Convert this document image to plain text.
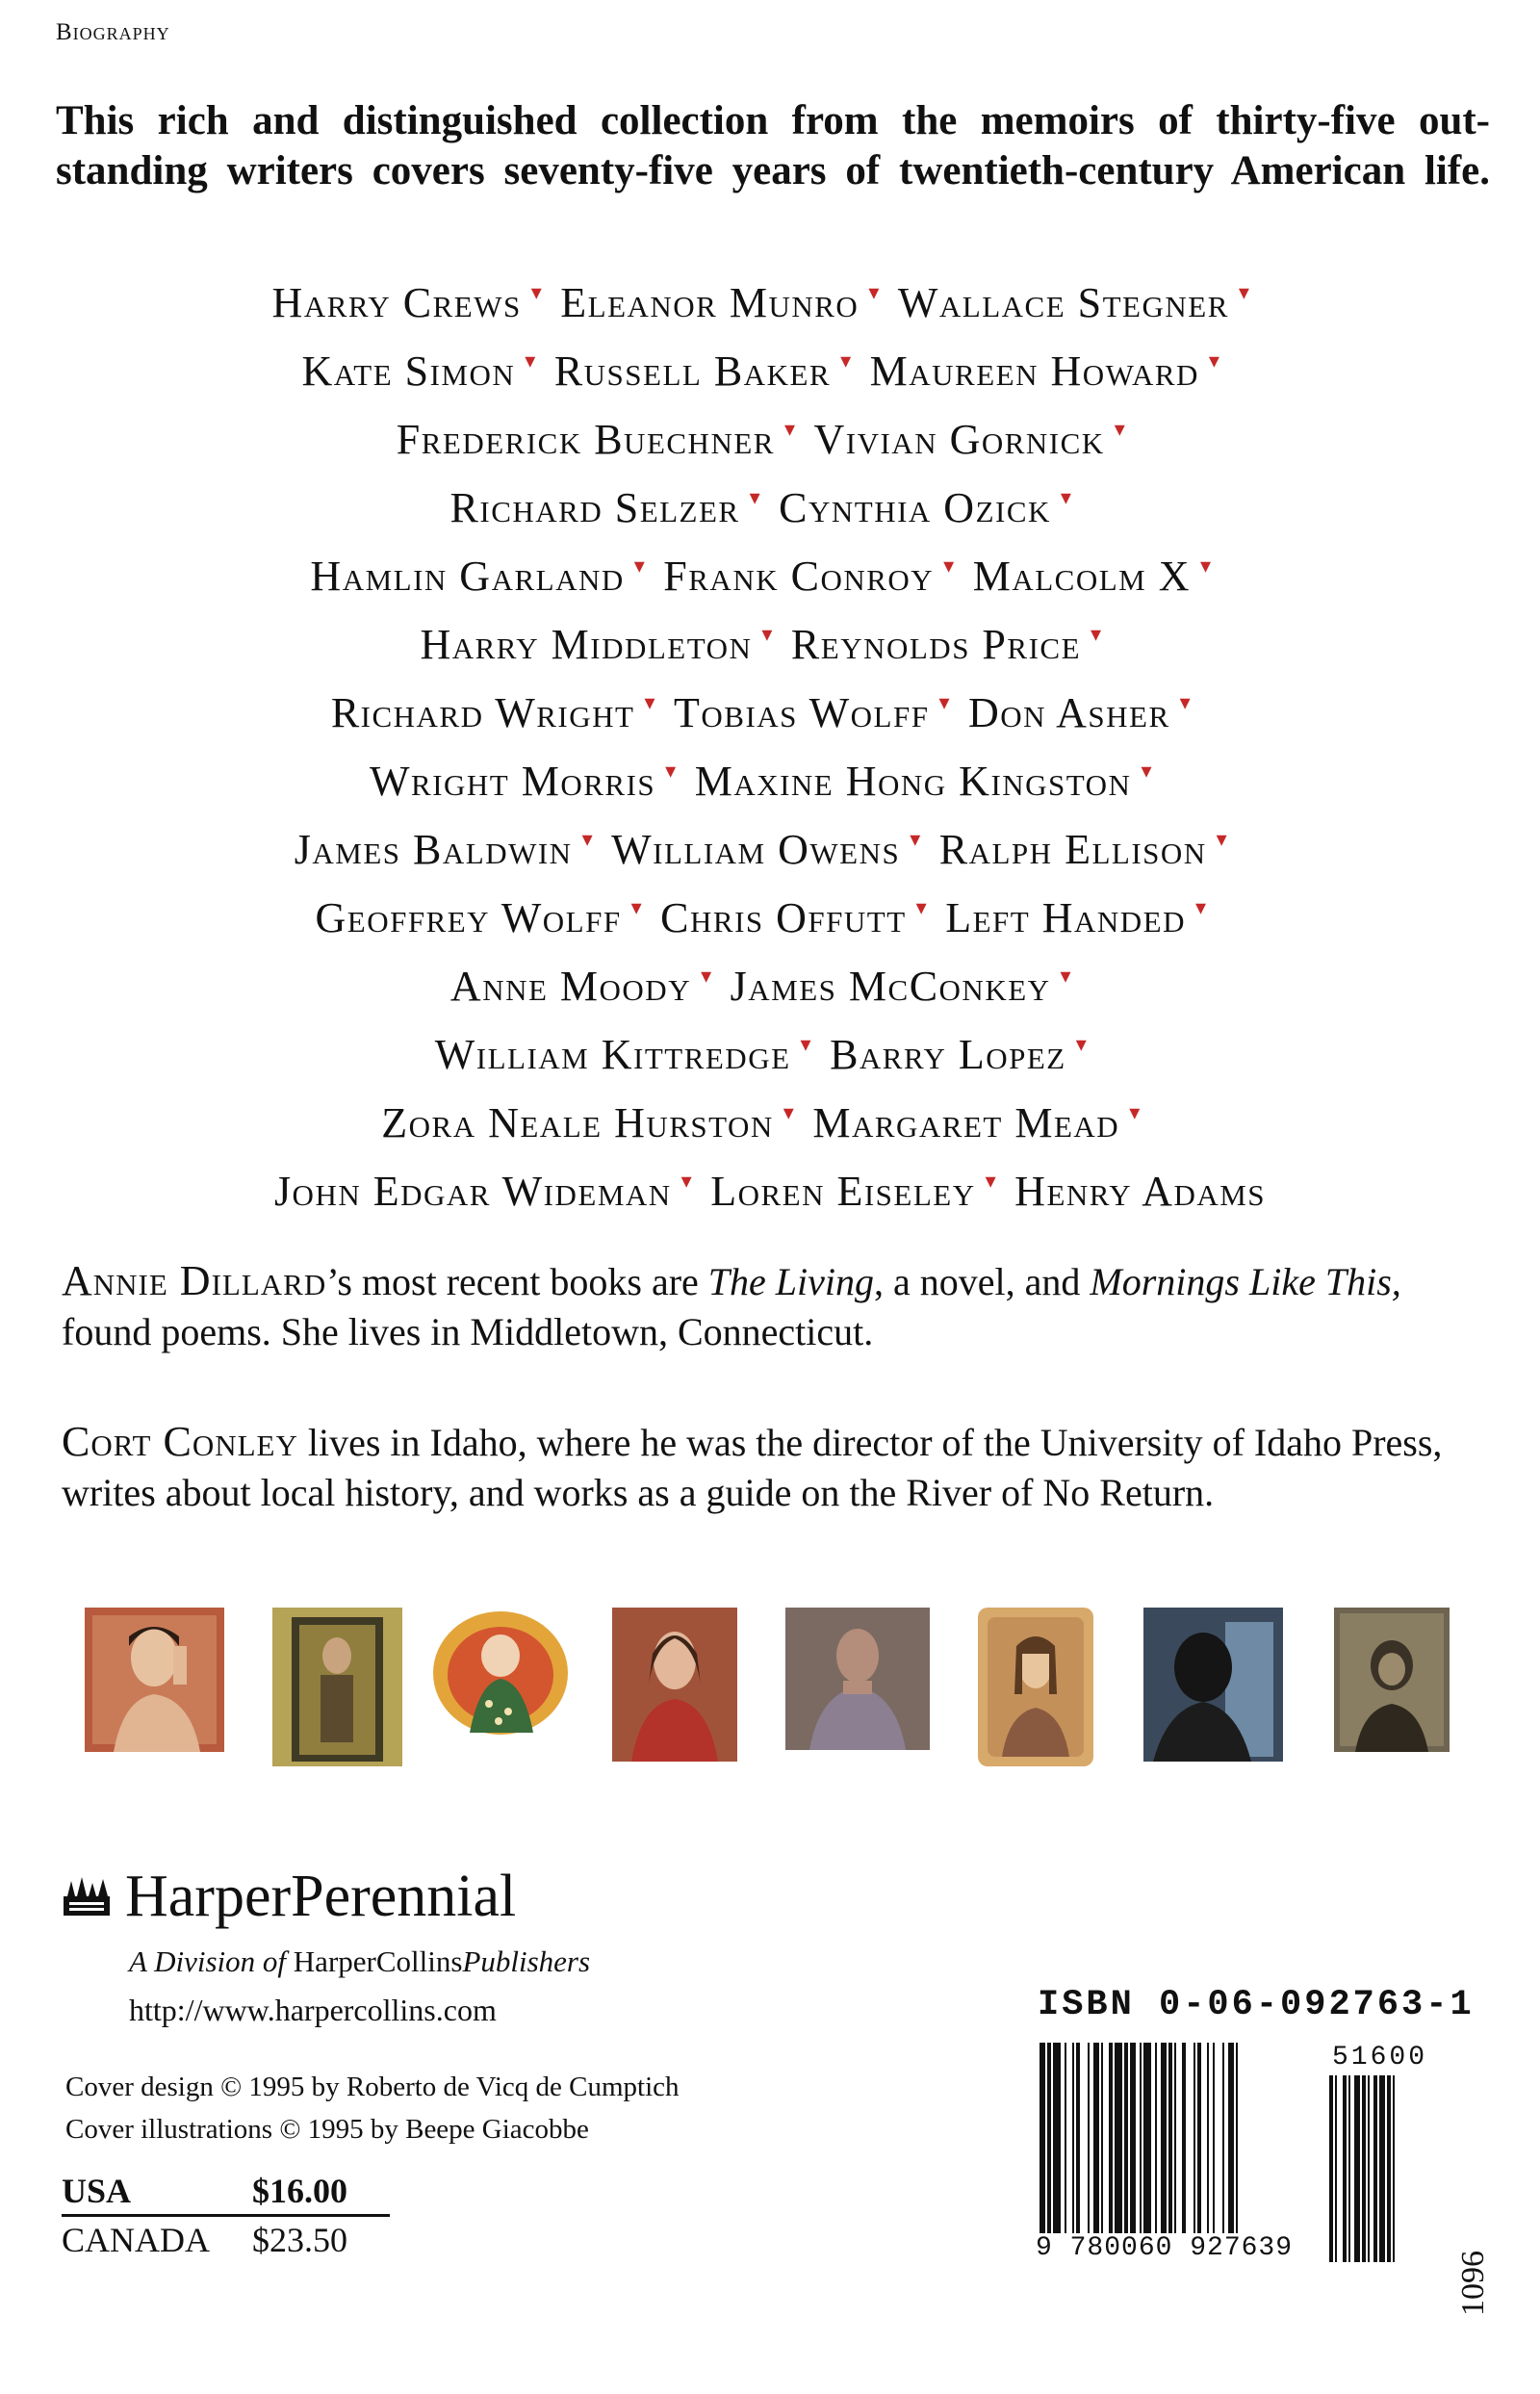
Biography
This rich and distinguished collection from the memoirs of thirty-five out-
standing writers covers seventy-five years of twentieth-century American life.
Harry Crews ▾ Eleanor Munro ▾ Wallace Stegner ▾
Kate Simon ▾ Russell Baker ▾ Maureen Howard ▾
Frederick Buechner ▾ Vivian Gornick ▾
Richard Selzer ▾ Cynthia Ozick ▾
Hamlin Garland ▾ Frank Conroy ▾ Malcolm X ▾
Harry Middleton ▾ Reynolds Price ▾
Richard Wright ▾ Tobias Wolff ▾ Don Asher ▾
Wright Morris ▾ Maxine Hong Kingston ▾
James Baldwin ▾ William Owens ▾ Ralph Ellison ▾
Geoffrey Wolff ▾ Chris Offutt ▾ Left Handed ▾
Anne Moody ▾ James McConkey ▾
William Kittredge ▾ Barry Lopez ▾
Zora Neale Hurston ▾ Margaret Mead ▾
John Edgar Wideman ▾ Loren Eiseley ▾ Henry Adams
Annie Dillard’s most recent books are The Living, a novel, and Mornings Like This, found poems. She lives in Middletown, Connecticut.
Cort Conley lives in Idaho, where he was the director of the University of Idaho Press, writes about local history, and works as a guide on the River of No Return.
HarperPerennial
A Division of HarperCollinsPublishers
http://www.harpercollins.com
Cover design © 1995 by Roberto de Vicq de Cumptich
Cover illustrations © 1995 by Beepe Giacobbe
USA	$16.00
CANADA	$23.50
ISBN 0-06-092763-1
51600
9 780060 927639
1096
